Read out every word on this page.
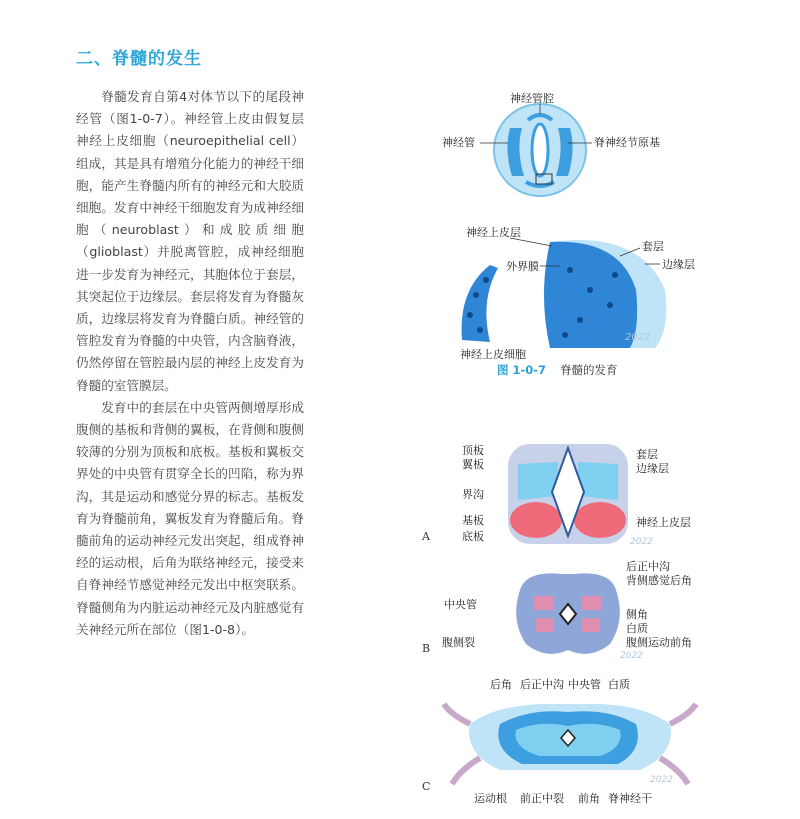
二、脊髓的发生

脊髓发育自第4对体节以下的尾段神经管（图1-0-7）。神经管上皮由假复层神经上皮细胞（neuroepithelial cell）组成，其是具有增殖分化能力的神经干细胞，能产生脊髓内所有的神经元和大胶质细胞。发育中神经干细胞发育为成神经细胞（neuroblast）和成胶质细胞（glioblast）并脱离管腔，成神经细胞进一步发育为神经元，其胞体位于套层，其突起位于边缘层。套层将发育为脊髓灰质，边缘层将发育为脊髓白质。神经管的管腔发育为脊髓的中央管，内含脑脊液，仍然停留在管腔最内层的神经上皮发育为脊髓的室管膜层。

发育中的套层在中央管两侧增厚形成腹侧的基板和背侧的翼板，在背侧和腹侧较薄的分别为顶板和底板。基板和翼板交界处的中央管有贯穿全长的凹陷，称为界沟，其是运动和感觉分界的标志。基板发育为脊髓前角，翼板发育为脊髓后角。脊髓前角的运动神经元发出突起，组成脊神经的运动根，后角为联络神经元，接受来自脊神经节感觉神经元发出中枢突联系。脊髓侧角为内脏运动神经元及内脏感觉有关神经元所在部位（图1-0-8）。

神经管腔
神经管	脊神经节原基
神经上皮层
套层
外界膜	边缘层
神经上皮细胞
2022
图 1-0-7 脊髓的发育
顶板
翼板
界沟
基板
底板
套层
边缘层
神经上皮层
2022
A
后正中沟
背侧感觉后角
中央管
腹侧裂
侧角
白质
腹侧运动前角
2022
B
后角 后正中沟 中央管 白质
运动根 前正中裂 前角 脊神经干
2022
C
